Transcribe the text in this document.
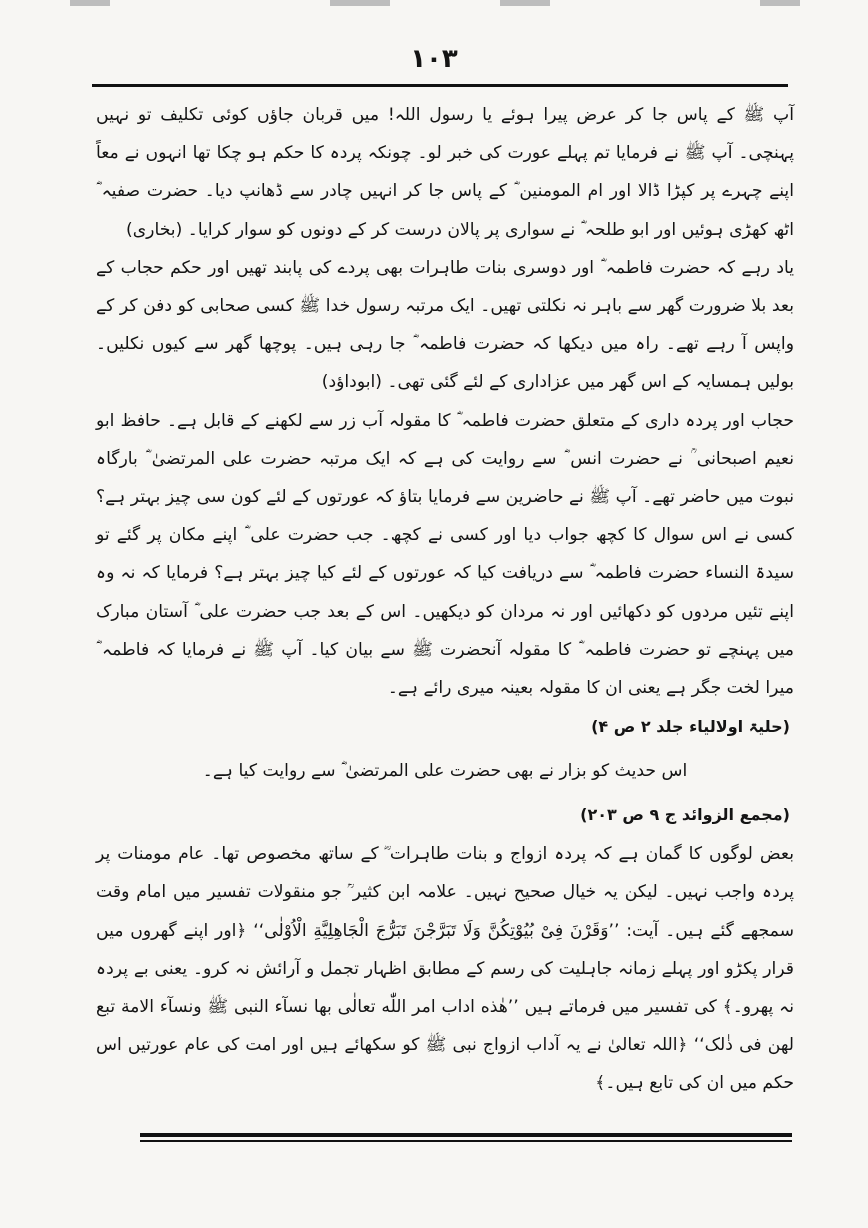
۱۰۳

آپ ﷺ کے پاس جا کر عرض پیرا ہوئے یا رسول اللہ! میں قربان جاؤں کوئی تکلیف تو نہیں پہنچی۔ آپ ﷺ نے فرمایا تم پہلے عورت کی خبر لو۔ چونکہ پردہ کا حکم ہو چکا تھا انہوں نے معاً اپنے چہرے پر کپڑا ڈالا اور ام المومنین ؓ کے پاس جا کر انہیں چادر سے ڈھانپ دیا۔ حضرت صفیہ ؓ اٹھ کھڑی ہوئیں اور ابو طلحہ ؓ نے سواری پر پالان درست کر کے دونوں کو سوار کرایا۔ (بخاری)

یاد رہے کہ حضرت فاطمہ ؓ اور دوسری بنات طاہرات بھی پردے کی پابند تھیں اور حکم حجاب کے بعد بلا ضرورت گھر سے باہر نہ نکلتی تھیں۔ ایک مرتبہ رسول خدا ﷺ کسی صحابی کو دفن کر کے واپس آ رہے تھے۔ راہ میں دیکھا کہ حضرت فاطمہ ؓ جا رہی ہیں۔ پوچھا گھر سے کیوں نکلیں۔ بولیں ہمسایہ کے اس گھر میں عزاداری کے لئے گئی تھی۔ (ابوداؤد)

حجاب اور پردہ داری کے متعلق حضرت فاطمہ ؓ کا مقولہ آب زر سے لکھنے کے قابل ہے۔ حافظ ابو نعیم اصبحانی ؒ نے حضرت انس ؓ سے روایت کی ہے کہ ایک مرتبہ حضرت علی المرتضیٰ ؓ بارگاہ نبوت میں حاضر تھے۔ آپ ﷺ نے حاضرین سے فرمایا بتاؤ کہ عورتوں کے لئے کون سی چیز بہتر ہے؟ کسی نے اس سوال کا کچھ جواب دیا اور کسی نے کچھ۔ جب حضرت علی ؓ اپنے مکان پر گئے تو سیدۃ النساء حضرت فاطمہ ؓ سے دریافت کیا کہ عورتوں کے لئے کیا چیز بہتر ہے؟ فرمایا کہ نہ وہ اپنے تئیں مردوں کو دکھائیں اور نہ مردان کو دیکھیں۔ اس کے بعد جب حضرت علی ؓ آستان مبارک میں پہنچے تو حضرت فاطمہ ؓ کا مقولہ آنحضرت ﷺ سے بیان کیا۔ آپ ﷺ نے فرمایا کہ فاطمہ ؓ میرا لخت جگر ہے یعنی ان کا مقولہ بعینہ میری رائے ہے۔

(حلیۃ اولالیاء جلد ۲ ص ۴)

اس حدیث کو بزار نے بھی حضرت علی المرتضیٰ ؓ سے روایت کیا ہے۔

(مجمع الزوائد ج ۹ ص ۲۰۳)

بعض لوگوں کا گمان ہے کہ پردہ ازواج و بنات طاہرات ؓ کے ساتھ مخصوص تھا۔ عام مومنات پر پردہ واجب نہیں۔ لیکن یہ خیال صحیح نہیں۔ علامہ ابن کثیر ؒ جو منقولات تفسیر میں امام وقت سمجھے گئے ہیں۔ آیت: ’’وَقَرْنَ فِیْ بُیُوْتِکُنَّ وَلَا تَبَرَّجْنَ تَبَرُّجَ الْجَاهِلِیَّةِ الْاُوْلٰی‘‘ ﴿اور اپنے گھروں میں قرار پکڑو اور پہلے زمانہ جاہلیت کی رسم کے مطابق اظہار تجمل و آرائش نہ کرو۔ یعنی بے پردہ نہ پھرو۔﴾ کی تفسیر میں فرماتے ہیں ’’هٰذه اداب امر اللّٰه تعالٰی بها نسآء النبی ﷺ ونسآء الامة تبع لهن فی ذٰلک‘‘ ﴿اللہ تعالیٰ نے یہ آداب ازواج نبی ﷺ کو سکھائے ہیں اور امت کی عام عورتیں اس حکم میں ان کی تابع ہیں۔﴾
